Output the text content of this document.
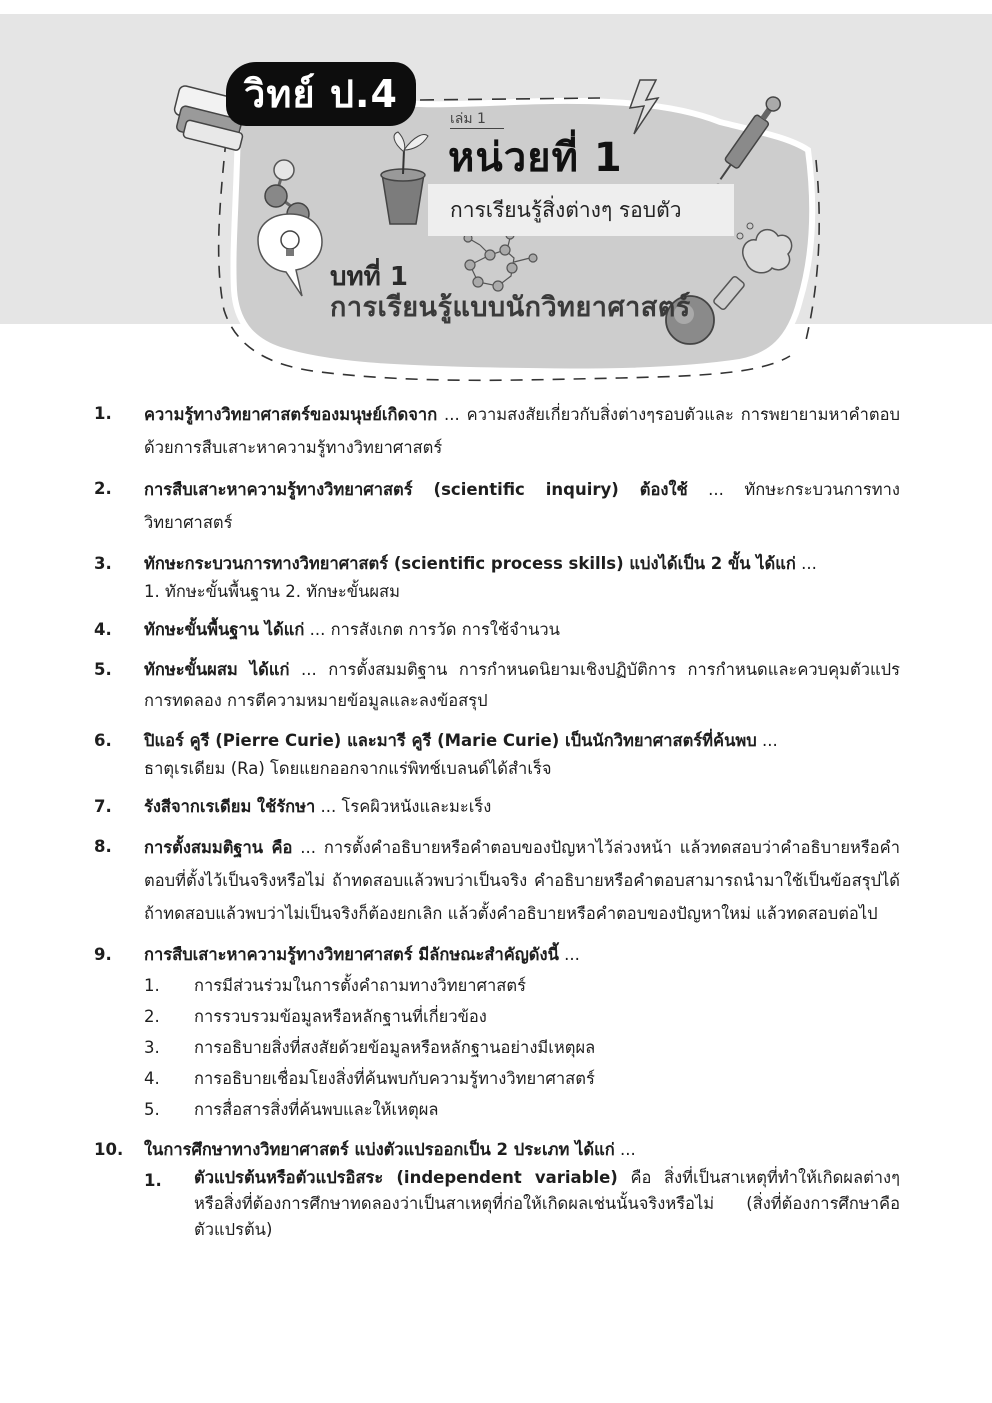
วิทย์ ป.4
เล่ม 1
หน่วยที่ 1
การเรียนรู้สิ่งต่างๆ รอบตัว
บทที่ 1
การเรียนรู้แบบนักวิทยาศาสตร์
1. ความรู้ทางวิทยาศาสตร์ของมนุษย์เกิดจาก ... ความสงสัยเกี่ยวกับสิ่งต่างๆรอบตัวและ การพยายามหาคำตอบ ด้วยการสืบเสาะหาความรู้ทางวิทยาศาสตร์
2. การสืบเสาะหาความรู้ทางวิทยาศาสตร์ (scientific inquiry) ต้องใช้ ... ทักษะกระบวนการทางวิทยาศาสตร์
3. ทักษะกระบวนการทางวิทยาศาสตร์ (scientific process skills) แบ่งได้เป็น 2 ขั้น ได้แก่ ...
1. ทักษะขั้นพื้นฐาน 2. ทักษะขั้นผสม
4. ทักษะขั้นพื้นฐาน ได้แก่ ... การสังเกต การวัด การใช้จำนวน
5. ทักษะขั้นผสม ได้แก่ ... การตั้งสมมติฐาน การกำหนดนิยามเชิงปฏิบัติการ การกำหนดและควบคุมตัวแปร การทดลอง การตีความหมายข้อมูลและลงข้อสรุป
6. ปิแอร์ คูรี (Pierre Curie) และมารี คูรี (Marie Curie) เป็นนักวิทยาศาสตร์ที่ค้นพบ ...
ธาตุเรเดียม (Ra) โดยแยกออกจากแร่พิทช์เบลนด์ได้สำเร็จ
7. รังสีจากเรเดียม ใช้รักษา ... โรคผิวหนังและมะเร็ง
8. การตั้งสมมติฐาน คือ ... การตั้งคำอธิบายหรือคำตอบของปัญหาไว้ล่วงหน้า แล้วทดสอบว่าคำอธิบายหรือคำตอบที่ตั้งไว้เป็นจริงหรือไม่ ถ้าทดสอบแล้วพบว่าเป็นจริง คำอธิบายหรือคำตอบสามารถนำมาใช้เป็นข้อสรุปได้ ถ้าทดสอบแล้วพบว่าไม่เป็นจริงก็ต้องยกเลิก แล้วตั้งคำอธิบายหรือคำตอบของปัญหาใหม่ แล้วทดสอบต่อไป
9. การสืบเสาะหาความรู้ทางวิทยาศาสตร์ มีลักษณะสำคัญดังนี้ ...
1. การมีส่วนร่วมในการตั้งคำถามทางวิทยาศาสตร์
2. การรวบรวมข้อมูลหรือหลักฐานที่เกี่ยวข้อง
3. การอธิบายสิ่งที่สงสัยด้วยข้อมูลหรือหลักฐานอย่างมีเหตุผล
4. การอธิบายเชื่อมโยงสิ่งที่ค้นพบกับความรู้ทางวิทยาศาสตร์
5. การสื่อสารสิ่งที่ค้นพบและให้เหตุผล
10. ในการศึกษาทางวิทยาศาสตร์ แบ่งตัวแปรออกเป็น 2 ประเภท ได้แก่ ...
1. ตัวแปรต้นหรือตัวแปรอิสระ (independent variable) คือ สิ่งที่เป็นสาเหตุที่ทำให้เกิดผลต่างๆ หรือสิ่งที่ต้องการศึกษาทดลองว่าเป็นสาเหตุที่ก่อให้เกิดผลเช่นนั้นจริงหรือไม่ (สิ่งที่ต้องการศึกษาคือ ตัวแปรต้น)
